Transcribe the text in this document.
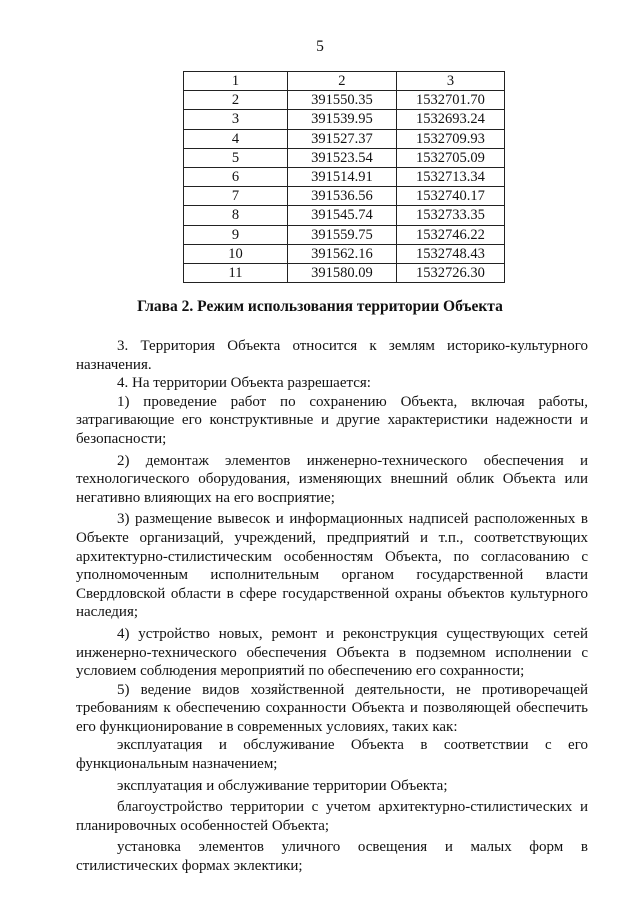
5
1	2	3
2	391550.35	1532701.70
3	391539.95	1532693.24
4	391527.37	1532709.93
5	391523.54	1532705.09
6	391514.91	1532713.34
7	391536.56	1532740.17
8	391545.74	1532733.35
9	391559.75	1532746.22
10	391562.16	1532748.43
11	391580.09	1532726.30
Глава 2. Режим использования территории Объекта

3. Территория Объекта относится к землям историко-культурного назначения.

4. На территории Объекта разрешается:

1) проведение работ по сохранению Объекта, включая работы, затрагивающие его конструктивные и другие характеристики надежности и безопасности;

2) демонтаж элементов инженерно-технического обеспечения и технологического оборудования, изменяющих внешний облик Объекта или негативно влияющих на его восприятие;

3) размещение вывесок и информационных надписей расположенных в Объекте организаций, учреждений, предприятий и т.п., соответствующих архитектурно-стилистическим особенностям Объекта, по согласованию с уполномоченным исполнительным органом государственной власти Свердловской области в сфере государственной охраны объектов культурного наследия;

4) устройство новых, ремонт и реконструкция существующих сетей инженерно-технического обеспечения Объекта в подземном исполнении с условием соблюдения мероприятий по обеспечению его сохранности;

5) ведение видов хозяйственной деятельности, не противоречащей требованиям к обеспечению сохранности Объекта и позволяющей обеспечить его функционирование в современных условиях, таких как:

эксплуатация и обслуживание Объекта в соответствии с его функциональным назначением;

эксплуатация и обслуживание территории Объекта;

благоустройство территории с учетом архитектурно-стилистических и планировочных особенностей Объекта;

установка элементов уличного освещения и малых форм в стилистических формах эклектики;
